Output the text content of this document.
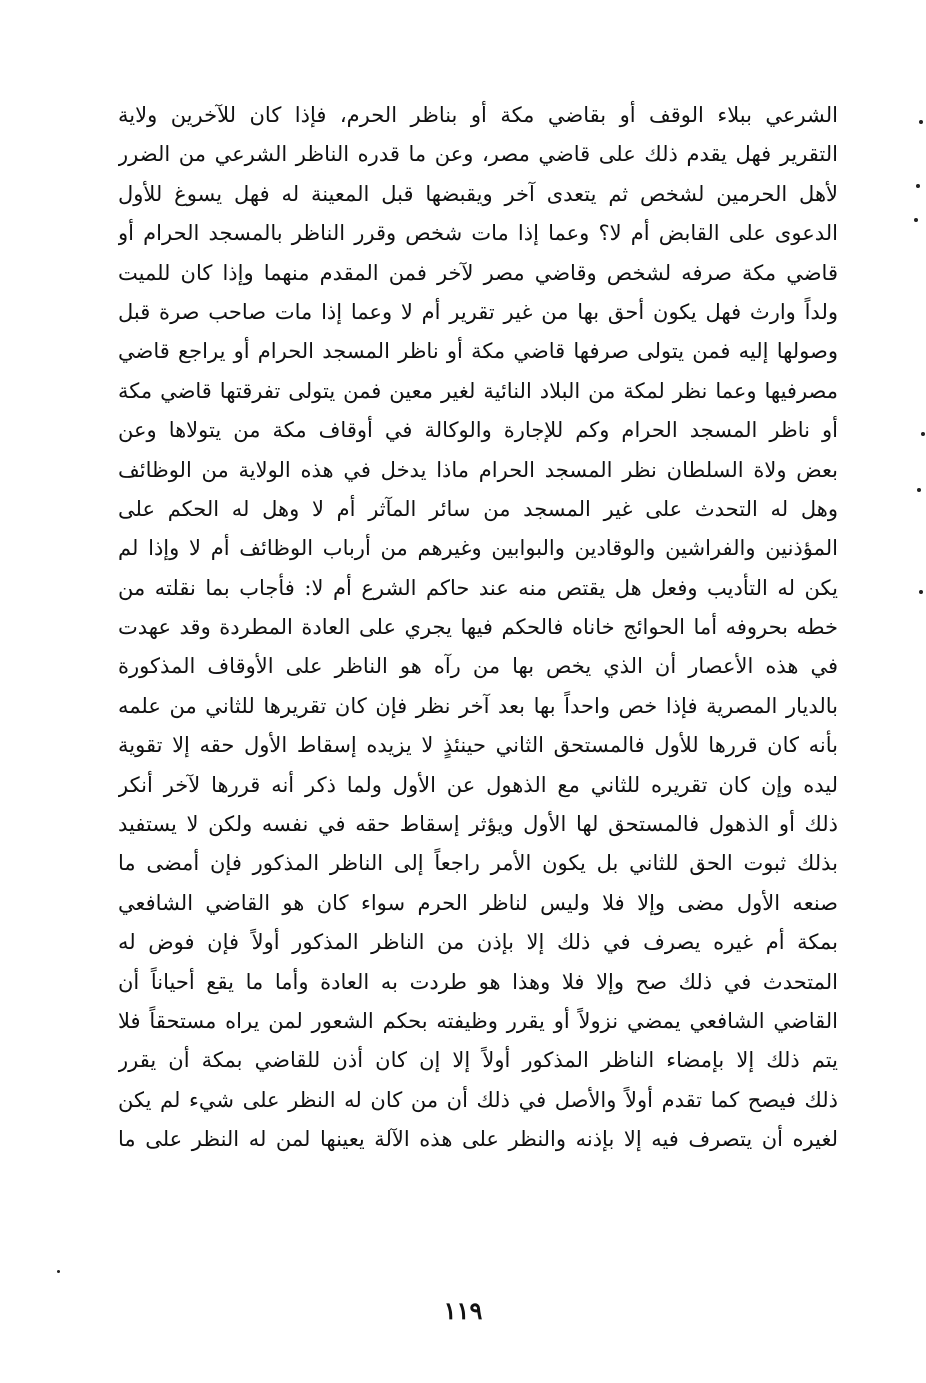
الشرعي ببلاء الوقف أو بقاضي مكة أو بناظر الحرم، فإذا كان للآخرين ولاية
التقرير فهل يقدم ذلك على قاضي مصر، وعن ما قدره الناظر الشرعي من الضرر
لأهل الحرمين لشخص ثم يتعدى آخر ويقبضها قبل المعينة له فهل يسوغ للأول
الدعوى على القابض أم لا؟ وعما إذا مات شخص وقرر الناظر بالمسجد الحرام أو
قاضي مكة صرفه لشخص وقاضي مصر لآخر فمن المقدم منهما وإذا كان للميت
ولداً وارث فهل يكون أحق بها من غير تقرير أم لا وعما إذا مات صاحب صرة قبل
وصولها إليه فمن يتولى صرفها قاضي مكة أو ناظر المسجد الحرام أو يراجع قاضي
مصرفيها وعما نظر لمكة من البلاد النائية لغير معين فمن يتولى تفرقتها قاضي مكة
أو ناظر المسجد الحرام وكم للإجارة والوكالة في أوقاف مكة من يتولاها وعن
بعض ولاة السلطان نظر المسجد الحرام ماذا يدخل في هذه الولاية من الوظائف
وهل له التحدث على غير المسجد من سائر المآثر أم لا وهل له الحكم على
المؤذنين والفراشين والوقادين والبوابين وغيرهم من أرباب الوظائف أم لا وإذا لم
يكن له التأديب وفعل هل يقتص منه عند حاكم الشرع أم لا: فأجاب بما نقلته من
خطه بحروفه أما الحوائج خاناه فالحكم فيها يجري على العادة المطردة وقد عهدت
في هذه الأعصار أن الذي يخص بها من رآه هو الناظر على الأوقاف المذكورة
بالديار المصرية فإذا خص واحداً بها بعد آخر نظر فإن كان تقريرها للثاني من علمه
بأنه كان قررها للأول فالمستحق الثاني حينئذٍ لا يزيده إسقاط الأول حقه إلا تقوية
ليده وإن كان تقريره للثاني مع الذهول عن الأول ولما ذكر أنه قررها لآخر أنكر
ذلك أو الذهول فالمستحق لها الأول ويؤثر إسقاط حقه في نفسه ولكن لا يستفيد
بذلك ثبوت الحق للثاني بل يكون الأمر راجعاً إلى الناظر المذكور فإن أمضى ما
صنعه الأول مضى وإلا فلا وليس لناظر الحرم سواء كان هو القاضي الشافعي
بمكة أم غيره يصرف في ذلك إلا بإذن من الناظر المذكور أولاً فإن فوض له
المتحدث في ذلك صح وإلا فلا وهذا هو طردت به العادة وأما ما يقع أحياناً أن
القاضي الشافعي يمضي نزولاً أو يقرر وظيفته بحكم الشعور لمن يراه مستحقاً فلا
يتم ذلك إلا بإمضاء الناظر المذكور أولاً إلا إن كان أذن للقاضي بمكة أن يقرر
ذلك فيصح كما تقدم أولاً والأصل في ذلك أن من كان له النظر على شيء لم يكن
لغيره أن يتصرف فيه إلا بإذنه والنظر على هذه الآلة يعينها لمن له النظر على ما
١١٩
